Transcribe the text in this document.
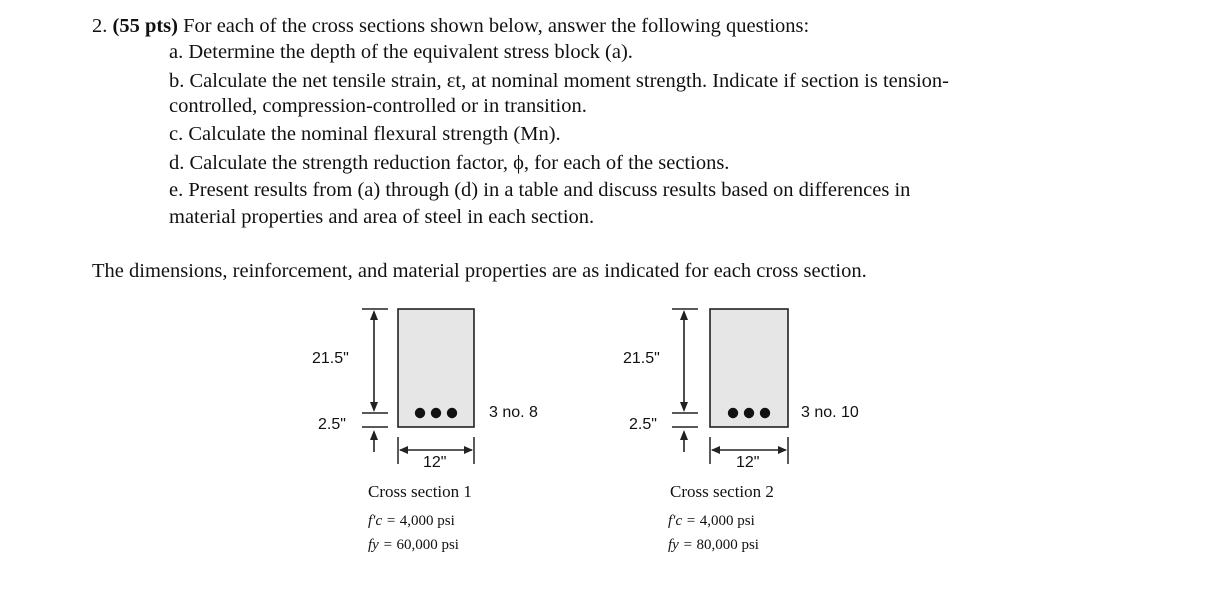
2. (55 pts) For each of the cross sections shown below, answer the following questions:
a. Determine the depth of the equivalent stress block (a).
b. Calculate the net tensile strain, εt, at nominal moment strength. Indicate if section is tension-
controlled, compression-controlled or in transition.
c. Calculate the nominal flexural strength (Mn).
d. Calculate the strength reduction factor, ϕ, for each of the sections.
e. Present results from (a) through (d) in a table and discuss results based on differences in
material properties and area of steel in each section.
The dimensions, reinforcement, and material properties are as indicated for each cross section.
21.5"
2.5"
12"
3 no. 8
Cross section 1
f′c = 4,000 psi
fy = 60,000 psi
21.5"
2.5"
12"
3 no. 10
Cross section 2
f′c = 4,000 psi
fy = 80,000 psi
